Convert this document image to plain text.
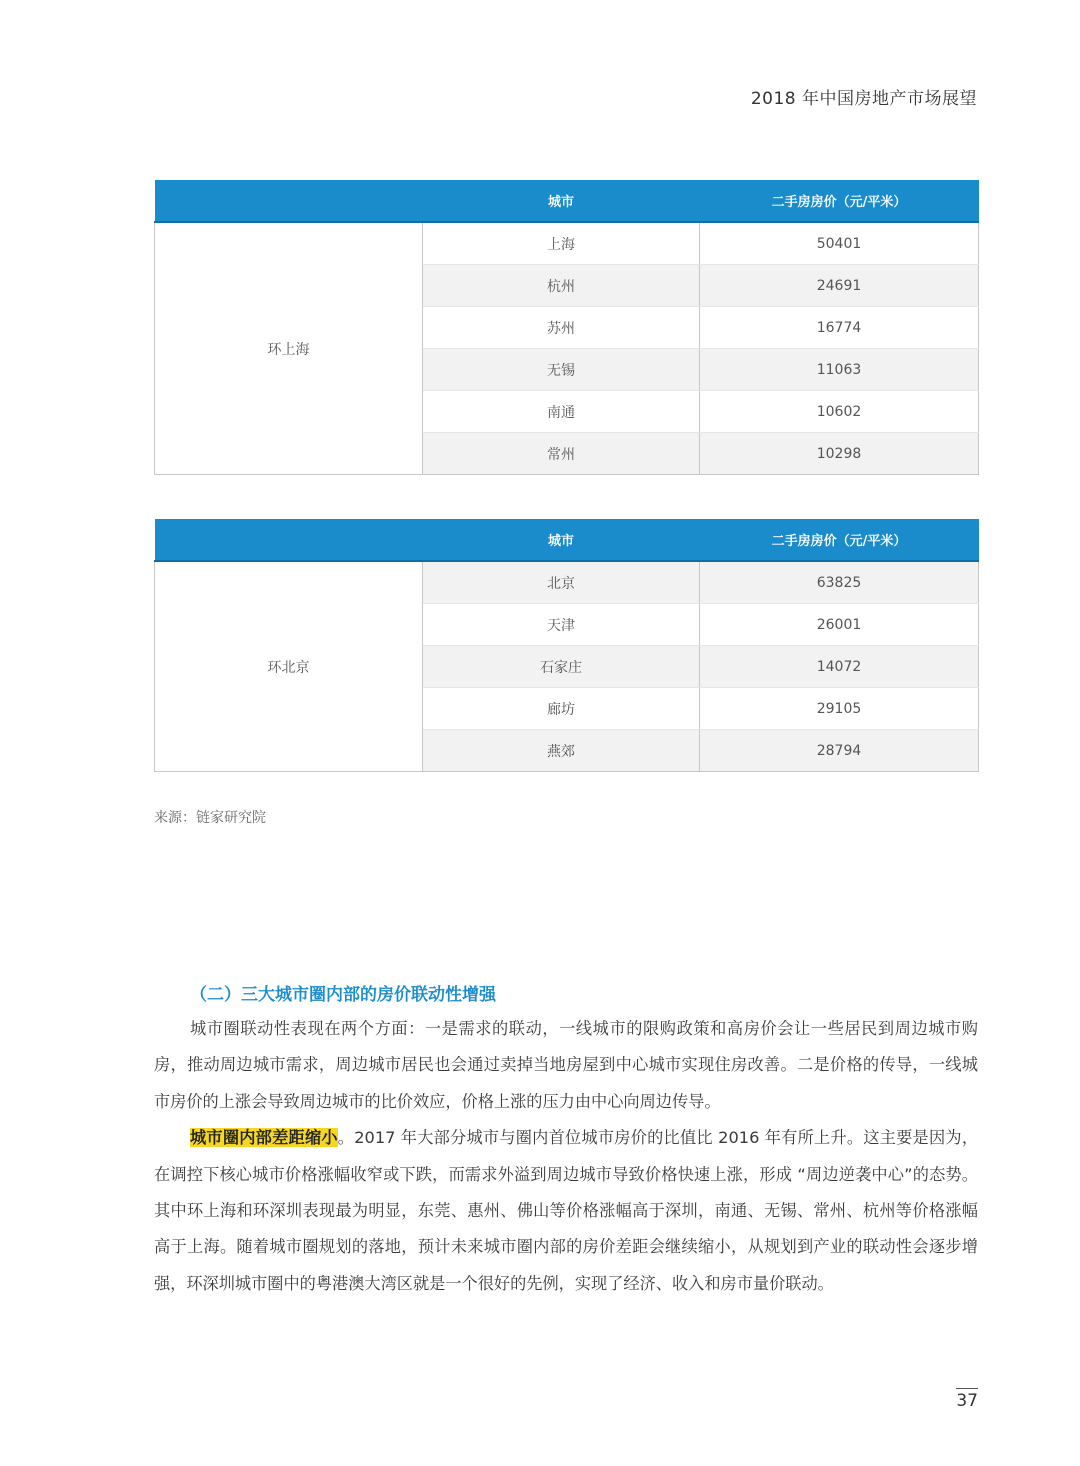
2018 年中国房地产市场展望
	城市	二手房房价（元/平米）
环上海	上海	50401
	杭州	24691
	苏州	16774
	无锡	11063
	南通	10602
	常州	10298
	城市	二手房房价（元/平米）
环北京	北京	63825
	天津	26001
	石家庄	14072
	廊坊	29105
	燕郊	28794
来源：链家研究院
（二）三大城市圈内部的房价联动性增强

城市圈联动性表现在两个方面：一是需求的联动，一线城市的限购政策和高房价会让一些居民到周边城市购房，推动周边城市需求，周边城市居民也会通过卖掉当地房屋到中心城市实现住房改善。二是价格的传导，一线城市房价的上涨会导致周边城市的比价效应，价格上涨的压力由中心向周边传导。

城市圈内部差距缩小。2017 年大部分城市与圈内首位城市房价的比值比 2016 年有所上升。这主要是因为，在调控下核心城市价格涨幅收窄或下跌，而需求外溢到周边城市导致价格快速上涨，形成 “周边逆袭中心”的态势。其中环上海和环深圳表现最为明显，东莞、惠州、佛山等价格涨幅高于深圳，南通、无锡、常州、杭州等价格涨幅高于上海。随着城市圈规划的落地，预计未来城市圈内部的房价差距会继续缩小，从规划到产业的联动性会逐步增强，环深圳城市圈中的粤港澳大湾区就是一个很好的先例，实现了经济、收入和房市量价联动。

37
